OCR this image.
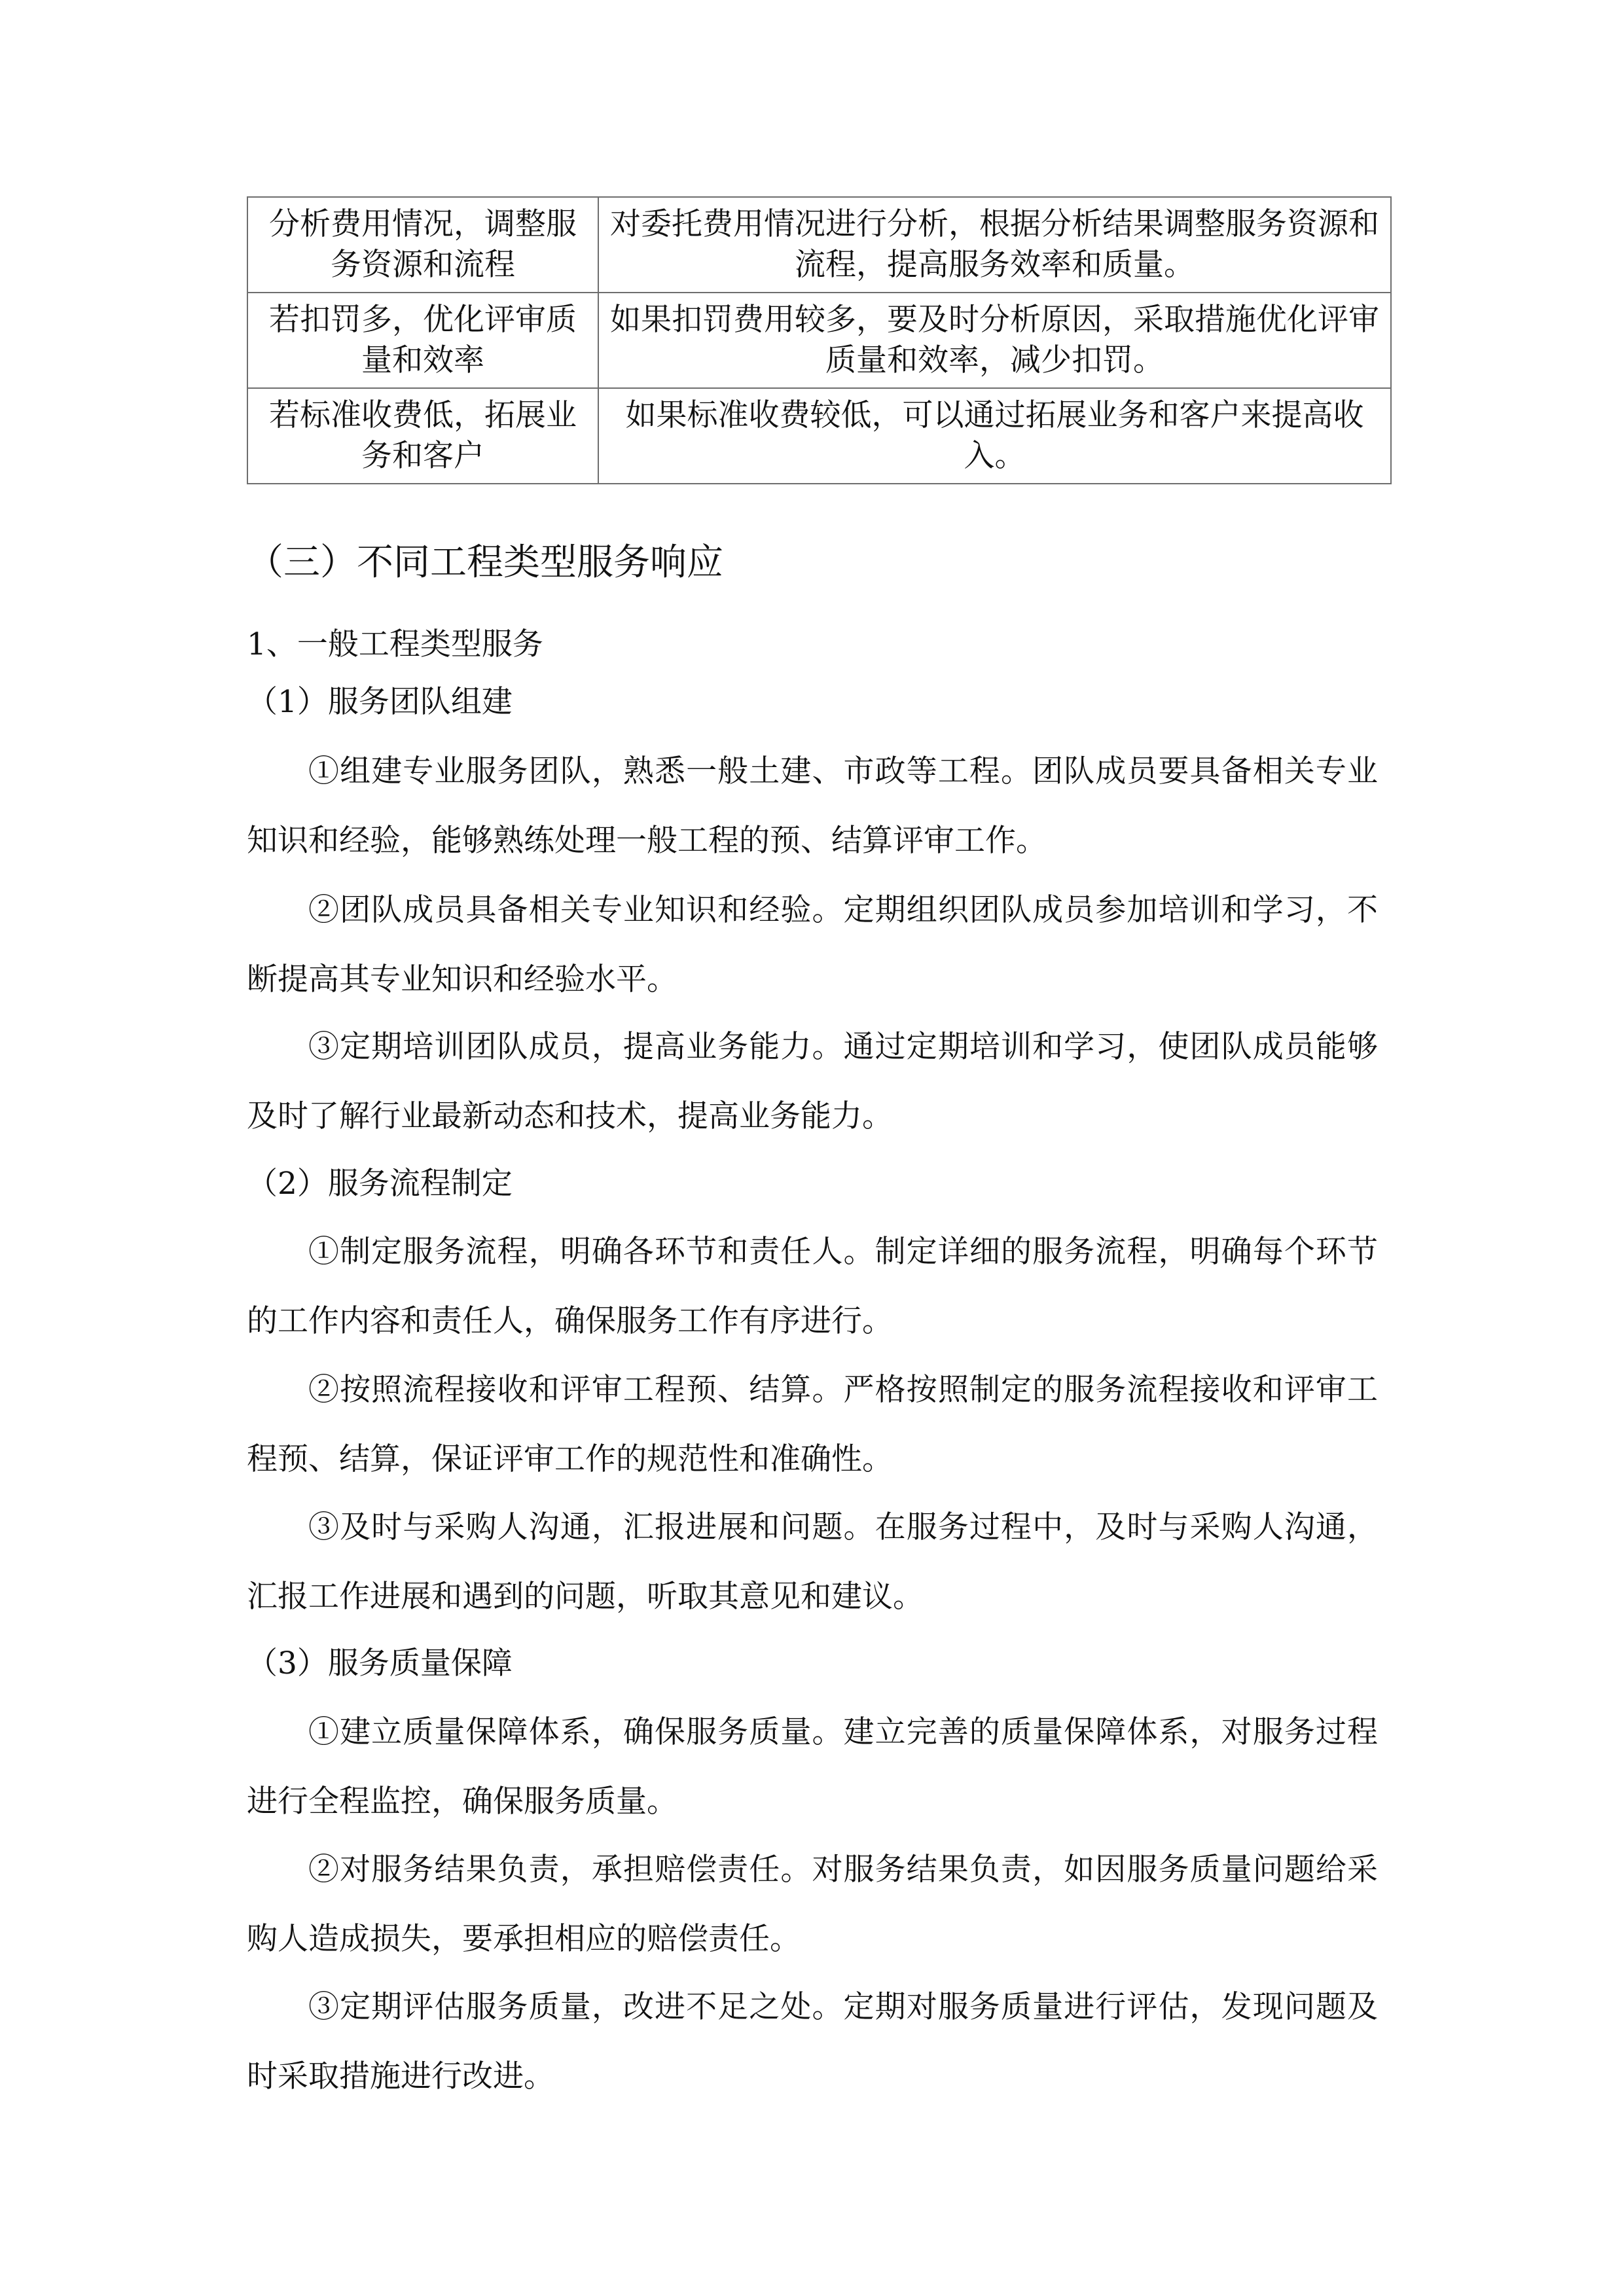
分析费用情况，调整服务资源和流程	对委托费用情况进行分析，根据分析结果调整服务资源和流程，提高服务效率和质量。
若扣罚多，优化评审质量和效率	如果扣罚费用较多，要及时分析原因，采取措施优化评审质量和效率，减少扣罚。
若标准收费低，拓展业务和客户	如果标准收费较低，可以通过拓展业务和客户来提高收入。
（三）不同工程类型服务响应
1、一般工程类型服务
（1）服务团队组建
①组建专业服务团队，熟悉一般土建、市政等工程。团队成员要具备相关专业知识和经验，能够熟练处理一般工程的预、结算评审工作。
②团队成员具备相关专业知识和经验。定期组织团队成员参加培训和学习，不断提高其专业知识和经验水平。
③定期培训团队成员，提高业务能力。通过定期培训和学习，使团队成员能够及时了解行业最新动态和技术，提高业务能力。
（2）服务流程制定
①制定服务流程，明确各环节和责任人。制定详细的服务流程，明确每个环节的工作内容和责任人，确保服务工作有序进行。
②按照流程接收和评审工程预、结算。严格按照制定的服务流程接收和评审工程预、结算，保证评审工作的规范性和准确性。
③及时与采购人沟通，汇报进展和问题。在服务过程中，及时与采购人沟通，汇报工作进展和遇到的问题，听取其意见和建议。
（3）服务质量保障
①建立质量保障体系，确保服务质量。建立完善的质量保障体系，对服务过程进行全程监控，确保服务质量。
②对服务结果负责，承担赔偿责任。对服务结果负责，如因服务质量问题给采购人造成损失，要承担相应的赔偿责任。
③定期评估服务质量，改进不足之处。定期对服务质量进行评估，发现问题及时采取措施进行改进。
